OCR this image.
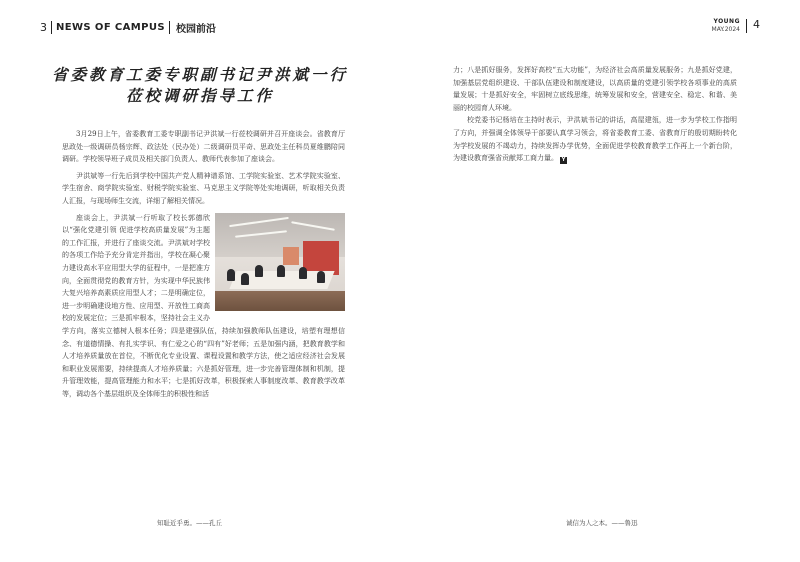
3 NEWS OF CAMPUS 校园前沿
省委教育工委专职副书记尹洪斌一行
莅校调研指导工作

3月29日上午，省委教育工委专职副书记尹洪斌一行莅校调研并召开座谈会。省教育厅思政处一级调研员杨宗辉、政法处（民办处）二级调研员平奇、思政处主任科员夏维鹏陪同调研。学校领导班子成员及相关部门负责人、教师代表参加了座谈会。

尹洪斌等一行先后到学校中国共产党人精神谱系馆、工学院实验室、艺术学院实验室、学生宿舍、商学院实验室、财税学院实验室、马克思主义学院等处实地调研，听取相关负责人汇报，与现场师生交流，详细了解相关情况。

座谈会上，尹洪斌一行听取了校长郭德欣以“强化党建引领 促进学校高质量发展”为主题的工作汇报，并进行了座谈交流。尹洪斌对学校的各项工作给予充分肯定并指出，学校在凝心聚力建设高水平应用型大学的征程中，一是把准方向，全面贯彻党的教育方针，为实现中华民族伟大复兴培养高素质应用型人才；二是明确定位，进一步明确建设地方性、应用型、开放性工商高校的发展定位；三是抓牢根本，坚持社会主义办学方向，落实立德树人根本任务；四是建强队伍，持续加强教师队伍建设，培塑有理想信念、有道德情操、有扎实学识、有仁爱之心的“四有”好老师；五是加强内涵，把教育教学和人才培养质量放在首位，不断优化专业设置、课程设置和教学方法，使之适应经济社会发展和职业发展需要，持续提高人才培养质量；六是抓好管理，进一步完善管理体制和机制，提升管理效能，提高管理能力和水平；七是抓好改革，积极探索人事制度改革、教育教学改革等，调动各个基层组织及全体师生的积极性和活

知耻近乎勇。——孔丘
YOUNG
MAY.2024 4

力；八是抓好服务，发挥好高校“五大功能”，为经济社会高质量发展服务；九是抓好党建，加强基层党组织建设、干部队伍建设和制度建设，以高质量的党建引领学校各项事业的高质量发展；十是抓好安全，牢固树立底线思维，统筹发展和安全，营建安全、稳定、和谐、美丽的校园育人环境。

校党委书记杨培在主持时表示，尹洪斌书记的讲话，高屋建瓴，进一步为学校工作指明了方向，并强调全体领导干部要认真学习领会，将省委教育工委、省教育厅的殷切期盼转化为学校发展的不竭动力，持续发挥办学优势，全面促进学校教育教学工作再上一个新台阶，为建设教育强省贡献郑工商力量。 Y

诚信为人之本。——鲁迅
